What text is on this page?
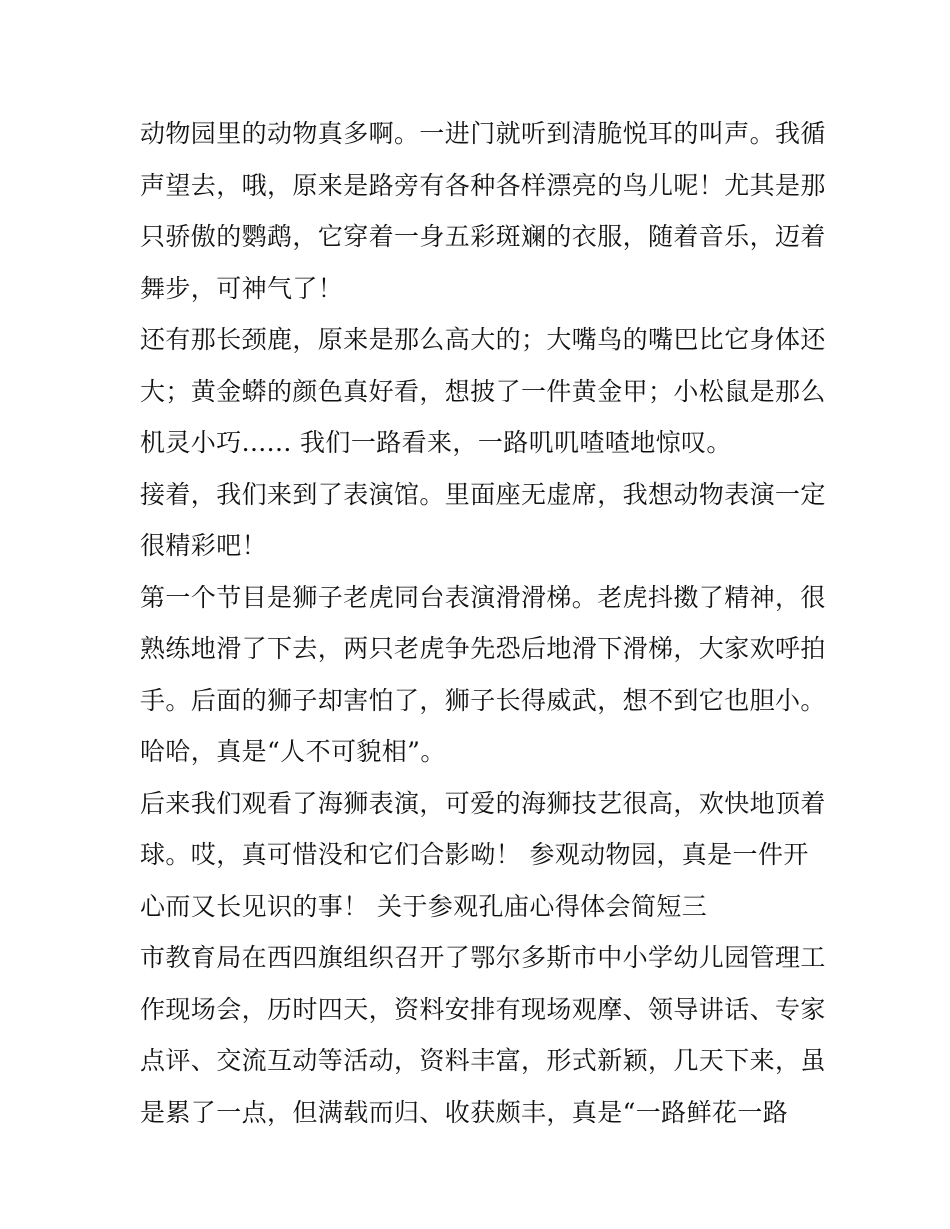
动物园里的动物真多啊。一进门就听到清脆悦耳的叫声。我循
声望去，哦，原来是路旁有各种各样漂亮的鸟儿呢！尤其是那
只骄傲的鹦鹉，它穿着一身五彩斑斓的衣服，随着音乐，迈着
舞步，可神气了！
还有那长颈鹿，原来是那么高大的；大嘴鸟的嘴巴比它身体还
大；黄金蟒的颜色真好看，想披了一件黄金甲；小松鼠是那么
机灵小巧...... 我们一路看来，一路叽叽喳喳地惊叹。
接着，我们来到了表演馆。里面座无虚席，我想动物表演一定
很精彩吧！
第一个节目是狮子老虎同台表演滑滑梯。老虎抖擞了精神，很
熟练地滑了下去，两只老虎争先恐后地滑下滑梯，大家欢呼拍
手。后面的狮子却害怕了，狮子长得威武，想不到它也胆小。
哈哈，真是“人不可貌相”。
后来我们观看了海狮表演，可爱的海狮技艺很高，欢快地顶着
球。哎，真可惜没和它们合影呦！ 参观动物园，真是一件开
心而又长见识的事！ 关于参观孔庙心得体会简短三
市教育局在西四旗组织召开了鄂尔多斯市中小学幼儿园管理工
作现场会，历时四天，资料安排有现场观摩、领导讲话、专家
点评、交流互动等活动，资料丰富，形式新颖，几天下来，虽
是累了一点，但满载而归、收获颇丰，真是“一路鲜花一路
